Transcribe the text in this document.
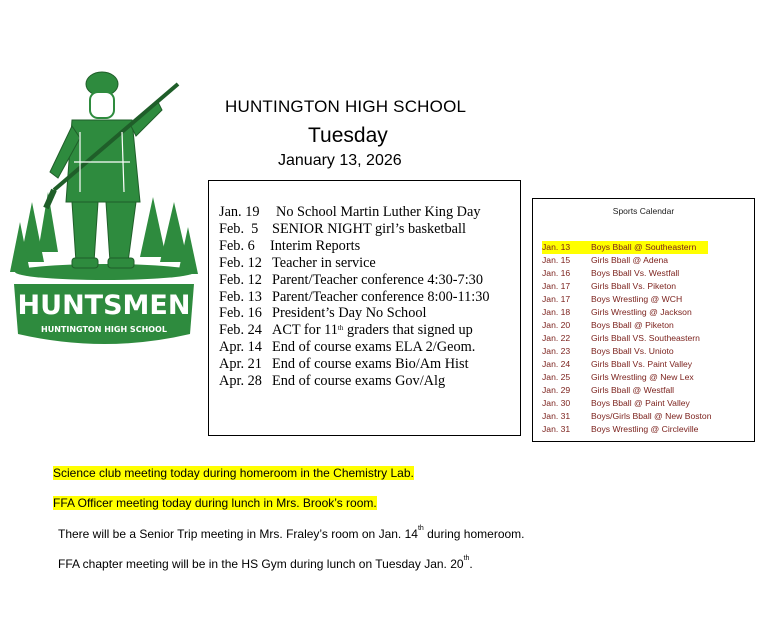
HUNTSMEN
HUNTINGTON HIGH SCHOOL
HUNTINGTON HIGH SCHOOL
Tuesday
January 13, 2026
Jan. 19 No School Martin Luther King Day
Feb.  5 SENIOR NIGHT girl’s basketball
Feb. 6 Interim Reports
Feb. 12 Teacher in service
Feb. 12 Parent/Teacher conference 4:30-7:30
Feb. 13 Parent/Teacher conference 8:00-11:30
Feb. 16 President’s Day No School
Feb. 24 ACT for 11th graders that signed up
Apr. 14 End of course exams ELA 2/Geom.
Apr. 21 End of course exams Bio/Am Hist
Apr. 28 End of course exams Gov/Alg
Sports Calendar
Jan. 13 Boys Bball @ Southeastern
Jan. 15 Girls Bball @ Adena
Jan. 16 Boys Bball Vs. Westfall
Jan. 17 Girls Bball Vs. Piketon
Jan. 17 Boys Wrestling @ WCH
Jan. 18 Girls Wrestling @ Jackson
Jan. 20 Boys Bball @ Piketon
Jan. 22 Girls Bball VS. Southeastern
Jan. 23 Boys Bball Vs. Unioto
Jan. 24 Girls Bball Vs. Paint Valley
Jan. 25 Girls Wrestling @ New Lex
Jan. 29 Girls Bball @ Westfall
Jan. 30 Boys Bball @ Paint Valley
Jan. 31 Boys/Girls Bball @ New Boston
Jan. 31 Boys Wrestling @ Circleville
Science club meeting today during homeroom in the Chemistry Lab.
FFA Officer meeting today during lunch in Mrs. Brook’s room.
There will be a Senior Trip meeting in Mrs. Fraley’s room on Jan. 14th during homeroom.
FFA chapter meeting will be in the HS Gym during lunch on Tuesday Jan. 20th.
